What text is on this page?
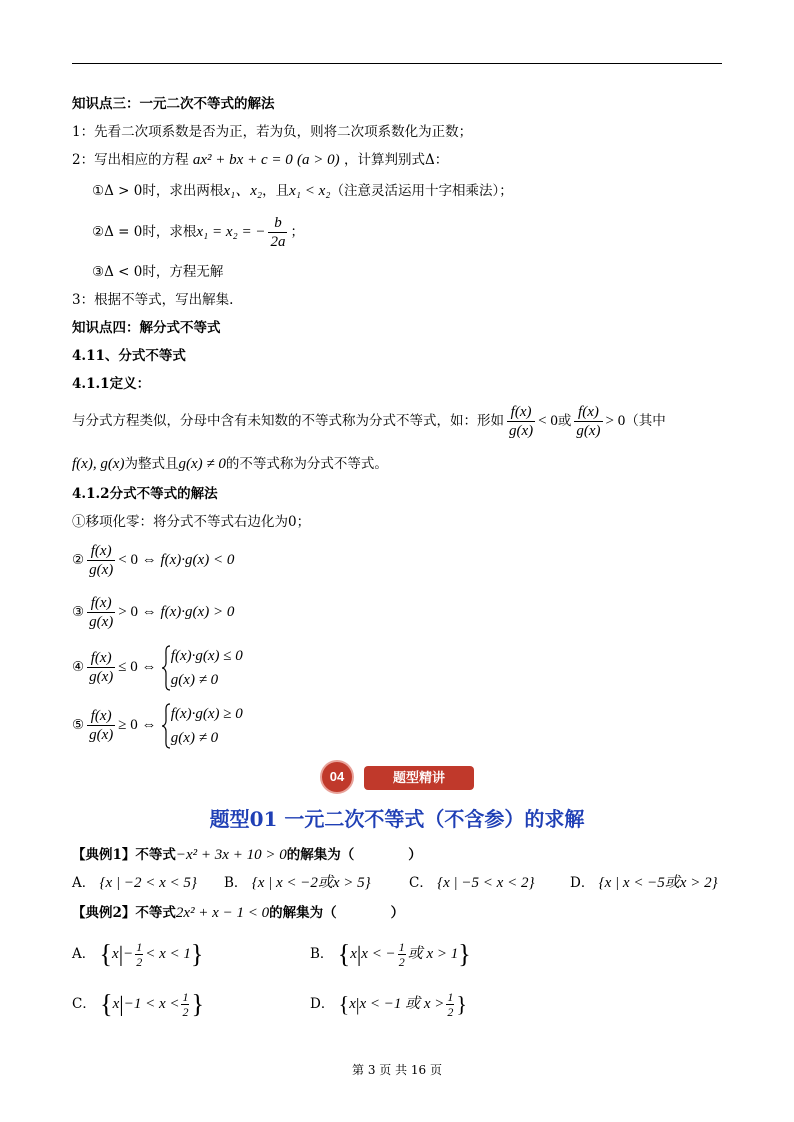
知识点三：一元二次不等式的解法
1：先看二次项系数是否为正，若为负，则将二次项系数化为正数；
2：写出相应的方程 ax² + bx + c = 0 (a > 0) ，计算判别式Δ：
①Δ > 0时，求出两根x₁、x₂，且x₁ < x₂（注意灵活运用十字相乘法）；
②Δ = 0时，求根x₁ = x₂ = − $\frac{b}{2a}$ ；
③Δ < 0时，方程无解
3：根据不等式，写出解集.
知识点四：解分式不等式
4.11、分式不等式
4.1.1定义：
与分式方程类似，分母中含有未知数的不等式称为分式不等式，如：形如 $\frac{f(x)}{g(x)} < 0$或 $\frac{f(x)}{g(x)} > 0$（其中
f(x), g(x)为整式且g(x) ≠ 0的不等式称为分式不等式。
4.1.2分式不等式的解法
①移项化零：将分式不等式右边化为0；
② $\frac{f(x)}{g(x)} < 0$ ⇔ f(x)·g(x) < 0
③ $\frac{f(x)}{g(x)} > 0$ ⇔ f(x)·g(x) > 0
④ $\frac{f(x)}{g(x)} \le 0$ ⇔
f(x)·g(x) ≤ 0
g(x) ≠ 0
⑤ $\frac{f(x)}{g(x)} \ge 0$ ⇔
f(x)·g(x) ≥ 0
g(x) ≠ 0
04	题型精讲
题型01 一元二次不等式（不含参）的求解
【典例1】不等式−x² + 3x + 10 > 0的解集为（　　　　）
A． {x | −2 < x < 5} B． {x | x < −2或x > 5}	C． {x | −5 < x < 2}	D． {x | x < −5或x > 2}
【典例2】不等式2x² + x − 1 < 0的解集为（　　　　）
A． $\{x|- \frac{1}{2} < x < 1\}$	B． {x|x < − $\frac{1}{2}$ 或 x > 1}
C． {$x|-1 < x < \frac{1}{2}$ }	D． {x|x < −1 或 $x > \frac{1}{2}$ }
第 3 页 共 16 页
